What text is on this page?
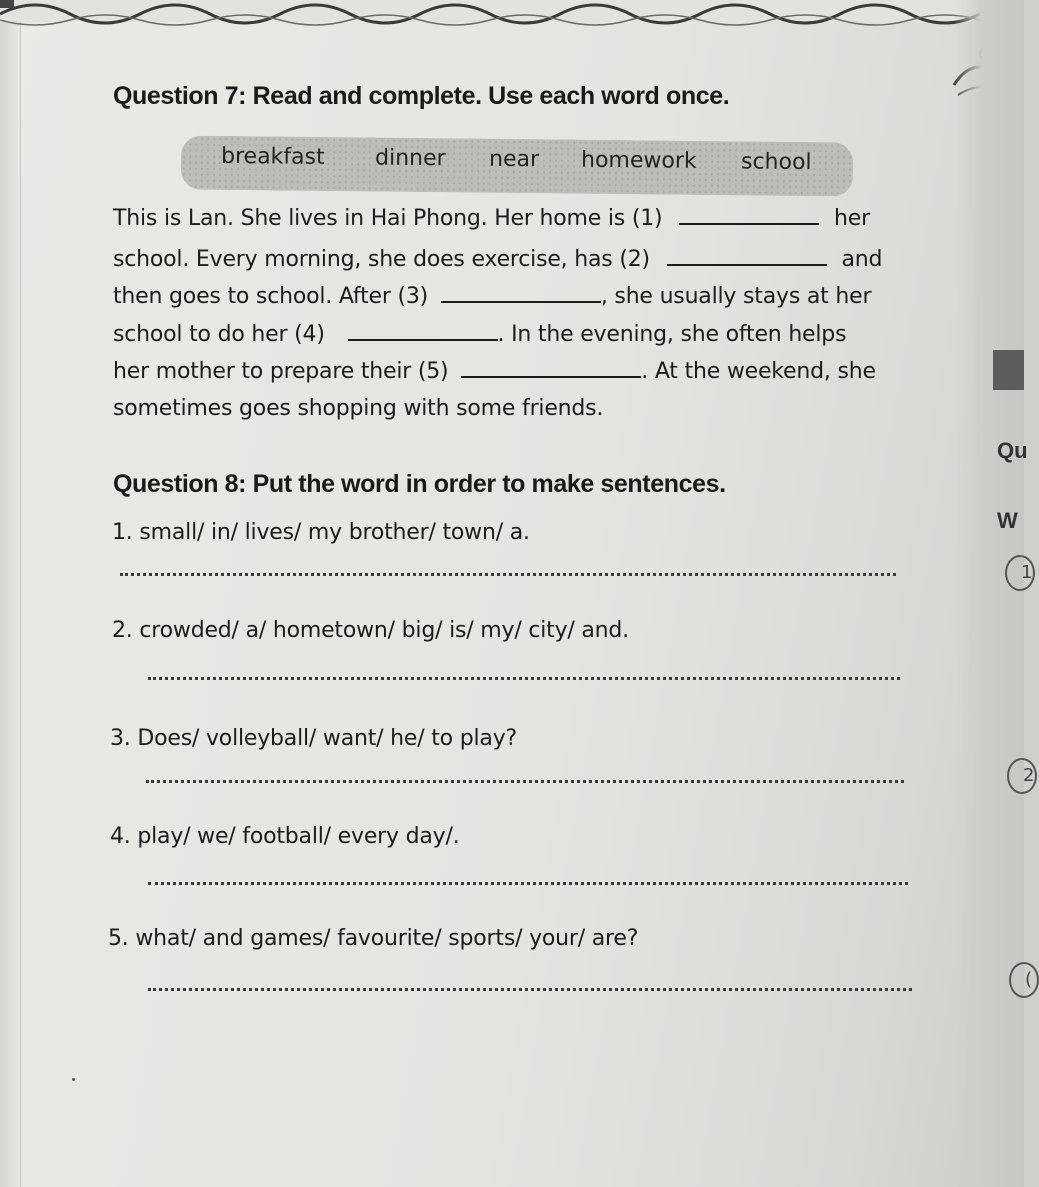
Qu
W
1
2
(
Question 7: Read and complete. Use each word once.
breakfast dinner near homework school
This is Lan. She lives in Hai Phong. Her home is (1)	her
school. Every morning, she does exercise, has (2)	and
then goes to school. After (3)	, she usually stays at her
school to do her (4)	. In the evening, she often helps
her mother to prepare their (5)	. At the weekend, she
sometimes goes shopping with some friends.
Question 8: Put the word in order to make sentences.
1. small/ in/ lives/ my brother/ town/ a.
2. crowded/ a/ hometown/ big/ is/ my/ city/ and.
3. Does/ volleyball/ want/ he/ to play?
4. play/ we/ football/ every day/.
5. what/ and games/ favourite/ sports/ your/ are?
